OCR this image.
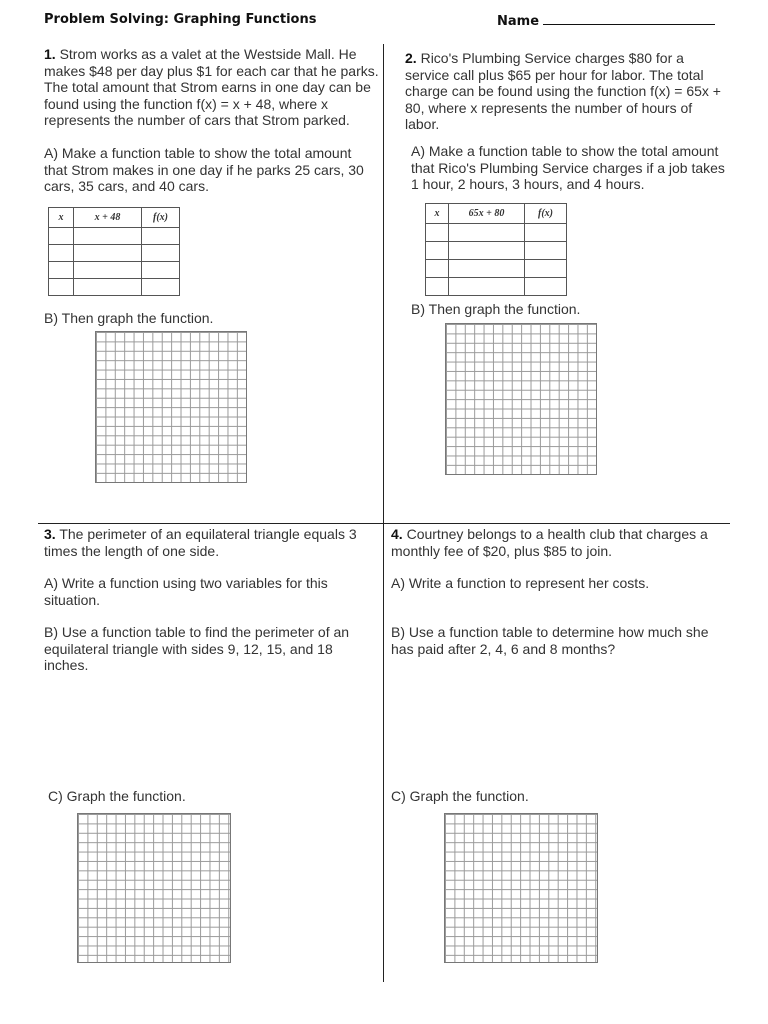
Problem Solving: Graphing Functions	Name

1. Strom works as a valet at the Westside Mall. He makes $48 per day plus $1 for each car that he parks. The total amount that Strom earns in one day can be found using the function f(x) = x + 48, where x represents the number of cars that Strom parked.

A) Make a function table to show the total amount that Strom makes in one day if he parks 25 cars, 30 cars, 35 cars, and 40 cars.

x	x + 48	f(x)

B) Then graph the function.

2. Rico's Plumbing Service charges $80 for a service call plus $65 per hour for labor. The total charge can be found using the function f(x) = 65x + 80, where x represents the number of hours of labor.

A) Make a function table to show the total amount that Rico's Plumbing Service charges if a job takes 1 hour, 2 hours, 3 hours, and 4 hours.

x	65x + 80	f(x)

B) Then graph the function.

3. The perimeter of an equilateral triangle equals 3 times the length of one side.

A) Write a function using two variables for this situation.

B) Use a function table to find the perimeter of an equilateral triangle with sides 9, 12, 15, and 18 inches.

C) Graph the function.

4. Courtney belongs to a health club that charges a monthly fee of $20, plus $85 to join.

A) Write a function to represent her costs.

B) Use a function table to determine how much she has paid after 2, 4, 6 and 8 months?

C) Graph the function.
